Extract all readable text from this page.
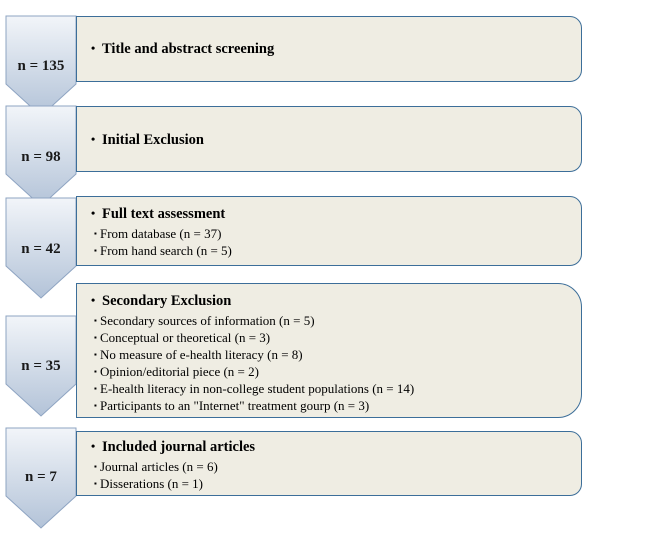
n = 135
n = 98
n = 42
n = 35
n = 7
• Title and abstract screening
• Initial Exclusion
• Full text assessment
▪ From database (n = 37)
▪ From hand search (n = 5)
• Secondary Exclusion
▪ Secondary sources of information (n = 5)
▪ Conceptual or theoretical (n = 3)
▪ No measure of e-health literacy (n = 8)
▪ Opinion/editorial piece (n = 2)
▪ E-health literacy in non-college student populations (n = 14)
▪ Participants to an "Internet" treatment gourp (n = 3)
• Included journal articles
▪ Journal articles (n = 6)
▪ Disserations (n = 1)
